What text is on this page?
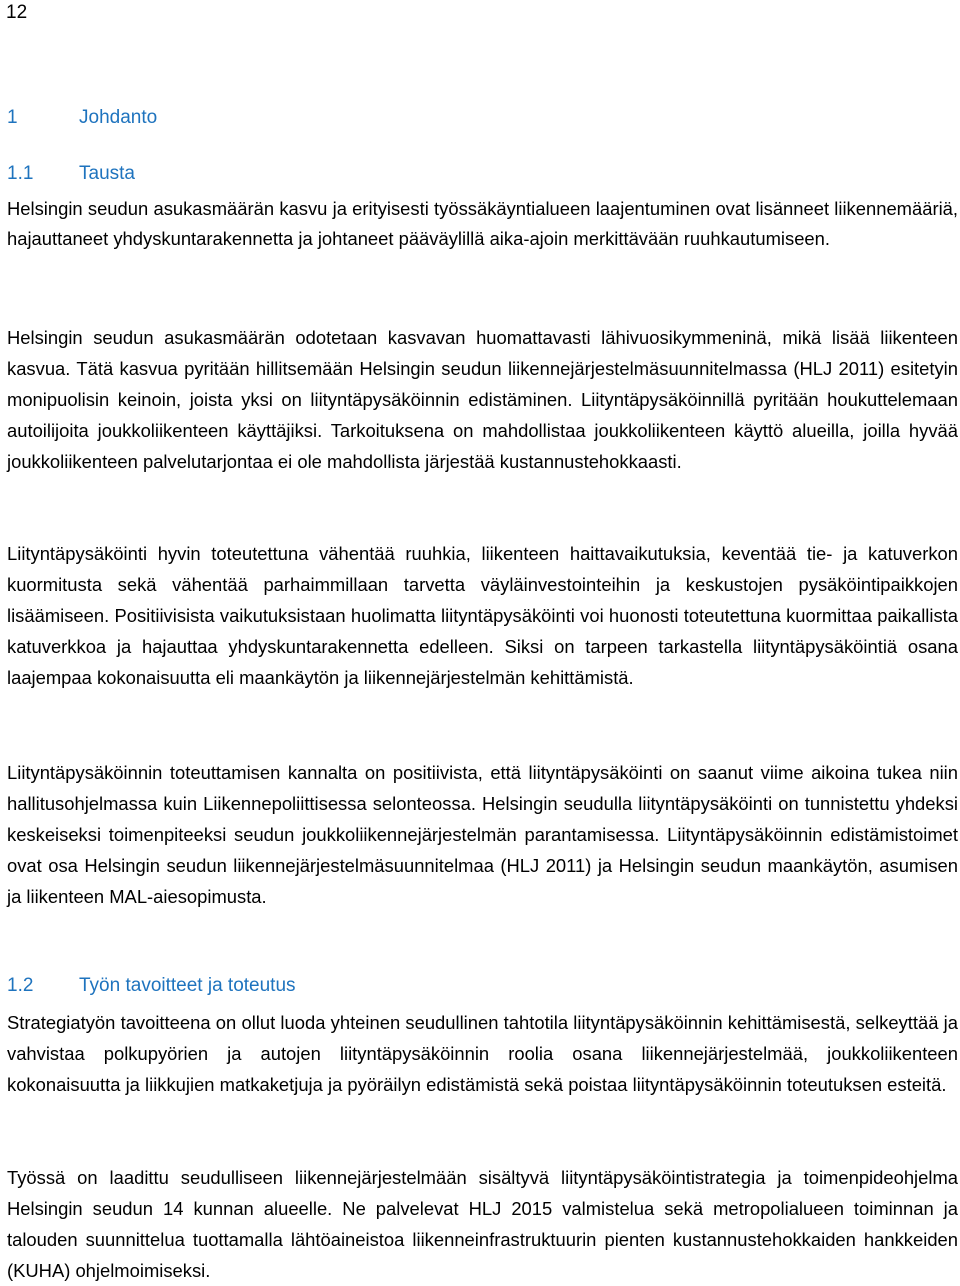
12
1	Johdanto
1.1 Tausta

Helsingin seudun asukasmäärän kasvu ja erityisesti työssäkäyntialueen laajentuminen ovat lisänneet liikennemääriä, hajauttaneet yhdyskuntarakennetta ja johtaneet pääväylillä aika-ajoin merkittävään ruuhkautumiseen.

Helsingin seudun asukasmäärän odotetaan kasvavan huomattavasti lähivuosikymmeninä, mikä lisää liikenteen kasvua. Tätä kasvua pyritään hillitsemään Helsingin seudun liikennejärjestelmäsuunnitelmassa (HLJ 2011) esitetyin monipuolisin keinoin, joista yksi on liityntäpysäköinnin edistäminen. Liityntäpysäköinnillä pyritään houkuttelemaan autoilijoita joukkoliikenteen käyttäjiksi. Tarkoituksena on mahdollistaa joukkoliikenteen käyttö alueilla, joilla hyvää joukkoliikenteen palvelutarjontaa ei ole mahdollista järjestää kustannustehokkaasti.

Liityntäpysäköinti hyvin toteutettuna vähentää ruuhkia, liikenteen haittavaikutuksia, keventää tie- ja katuverkon kuormitusta sekä vähentää parhaimmillaan tarvetta väyläinvestointeihin ja keskustojen pysäköintipaikkojen lisäämiseen. Positiivisista vaikutuksistaan huolimatta liityntäpysäköinti voi huonosti toteutettuna kuormittaa paikallista katuverkkoa ja hajauttaa yhdyskuntarakennetta edelleen. Siksi on tarpeen tarkastella liityntäpysäköintiä osana laajempaa kokonaisuutta eli maankäytön ja liikennejärjestelmän kehittämistä.

Liityntäpysäköinnin toteuttamisen kannalta on positiivista, että liityntäpysäköinti on saanut viime aikoina tukea niin hallitusohjelmassa kuin Liikennepoliittisessa selonteossa. Helsingin seudulla liityntäpysäköinti on tunnistettu yhdeksi keskeiseksi toimenpiteeksi seudun joukkoliikennejärjestelmän parantamisessa. Liityntäpysäköinnin edistämistoimet ovat osa Helsingin seudun liikennejärjestelmäsuunnitelmaa (HLJ 2011) ja Helsingin seudun maankäytön, asumisen ja liikenteen MAL-aiesopimusta.

1.2 Työn tavoitteet ja toteutus

Strategiatyön tavoitteena on ollut luoda yhteinen seudullinen tahtotila liityntäpysäköinnin kehittämisestä, selkeyttää ja vahvistaa polkupyörien ja autojen liityntäpysäköinnin roolia osana liikennejärjestelmää, joukkoliikenteen kokonaisuutta ja liikkujien matkaketjuja ja pyöräilyn edistämistä sekä poistaa liityntäpysäköinnin toteutuksen esteitä.

Työssä on laadittu seudulliseen liikennejärjestelmään sisältyvä liityntäpysäköintistrategia ja toimenpideohjelma Helsingin seudun 14 kunnan alueelle. Ne palvelevat HLJ 2015 valmistelua sekä metropolialueen toiminnan ja talouden suunnittelua tuottamalla lähtöaineistoa liikenneinfrastruktuurin pienten kustannustehokkaiden hankkeiden (KUHA) ohjelmoimiseksi.
